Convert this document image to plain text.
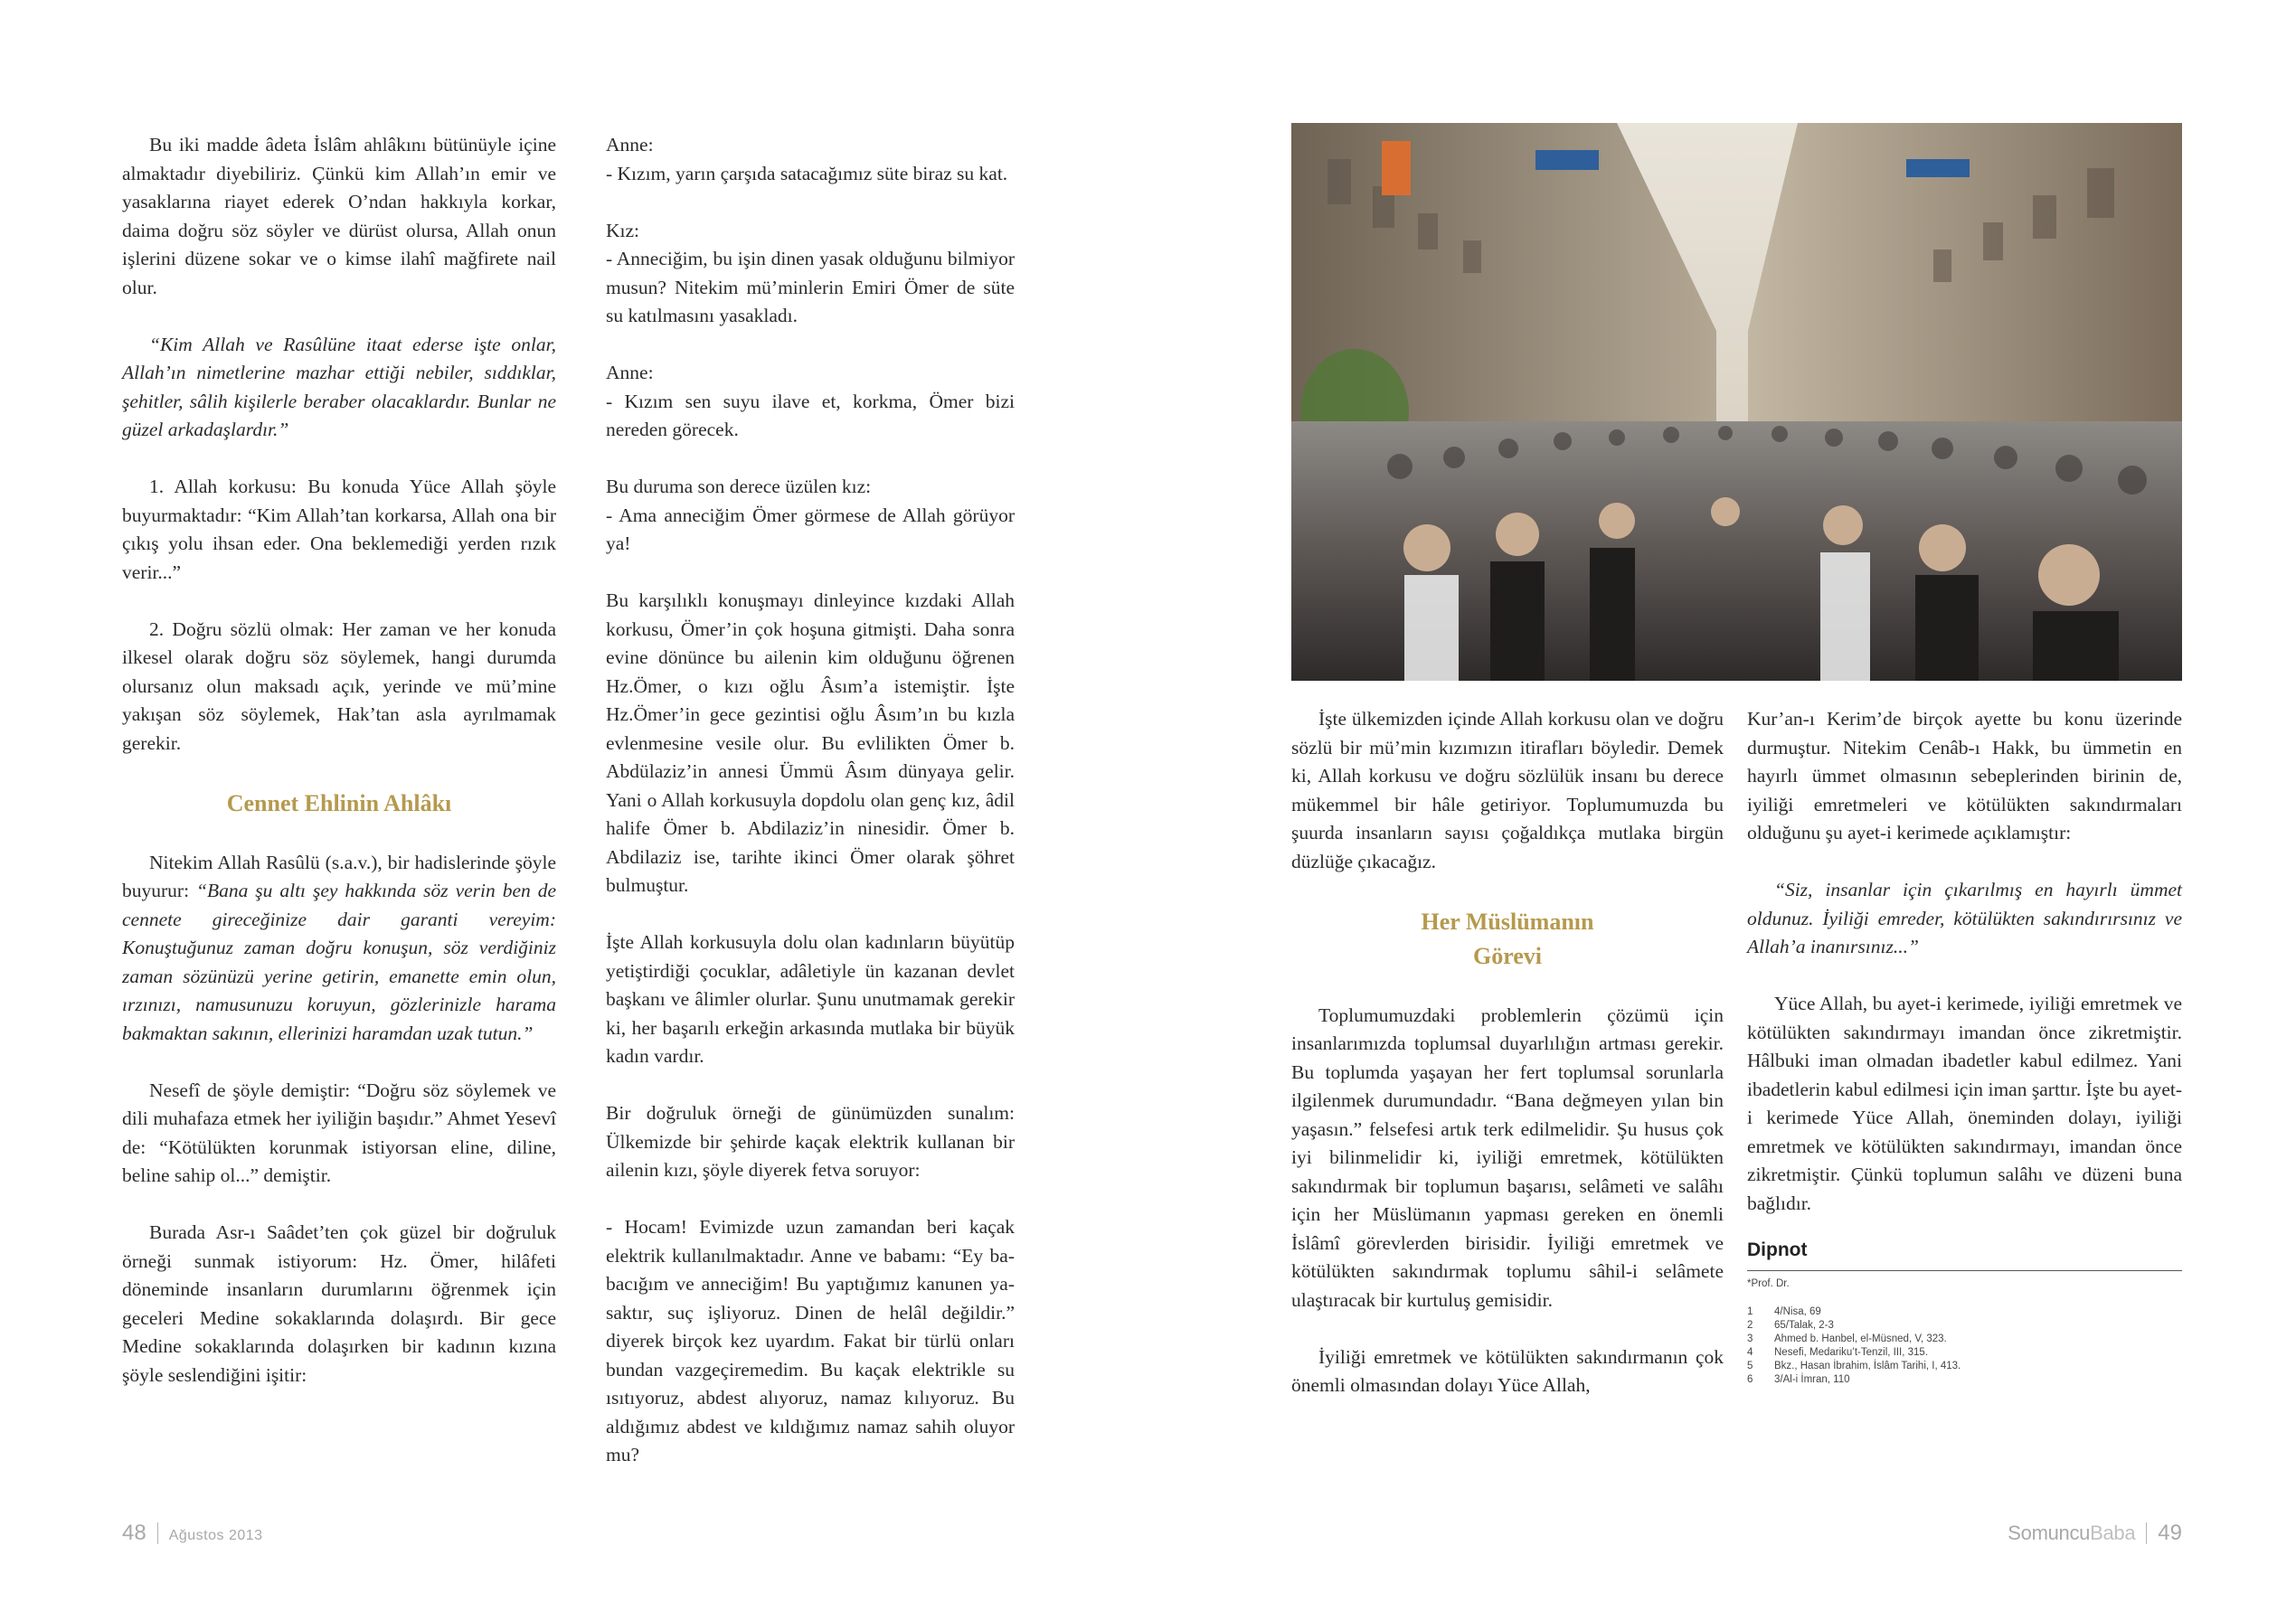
Bu iki madde âdeta İslâm ahlâkını bütünüyle içine almaktadır diyebiliriz. Çünkü kim Allah’ın emir ve yasaklarına riayet ederek O’ndan hakkıyla korkar, daima doğru söz söyler ve dürüst olursa, Allah onun işlerini düzene sokar ve o kimse ilahî mağfirete nail olur.

“Kim Allah ve Rasûlüne itaat ederse işte onlar, Allah’ın nimetlerine mazhar ettiği nebiler, sıddıklar, şehitler, sâlih kişilerle beraber olacaklardır. Bunlar ne güzel arkadaşlardır.”

1. Allah korkusu: Bu konuda Yüce Allah şöyle buyurmaktadır: “Kim Allah’tan korkarsa, Allah ona bir çıkış yolu ihsan eder. Ona beklemediği yerden rızık verir...”

2. Doğru sözlü olmak: Her zaman ve her konuda ilkesel olarak doğru söz söylemek, hangi durumda olursanız olun maksadı açık, yerinde ve mü’mine yakışan söz söylemek, Hak’tan asla ayrılmamak gerekir.

Cennet Ehlinin Ahlâkı

Nitekim Allah Rasûlü (s.a.v.), bir hadislerinde şöyle buyurur: “Bana şu altı şey hakkında söz verin ben de cennete gireceğinize dair garanti vereyim: Konuştuğunuz zaman doğru konuşun, söz verdiğiniz zaman sözünüzü yerine getirin, emanette emin olun, ırzınızı, namusunuzu koruyun, gözlerinizle harama bakmaktan sakının, ellerinizi haramdan uzak tutun.”

Nesefî de şöyle demiştir: “Doğru söz söylemek ve dili muhafaza etmek her iyiliğin başıdır.” Ahmet Yesevî de: “Kötülükten korunmak istiyorsan eline, diline, beline sahip ol...” demiştir.

Burada Asr-ı Saâdet’ten çok güzel bir doğruluk örneği sunmak istiyorum: Hz. Ömer, hilâfeti döneminde insanların durumlarını öğrenmek için geceleri Medine sokaklarında dolaşırdı. Bir gece Medine sokaklarında dolaşırken bir kadının kızına şöyle seslendiğini işitir:

Anne:
- Kızım, yarın çarşıda satacağımız süte biraz su kat.

Kız:
- Anneciğim, bu işin dinen yasak olduğunu bilmiyor musun? Nitekim mü’minlerin Emiri Ömer de süte su katılmasını yasakladı.

Anne:
- Kızım sen suyu ilave et, korkma, Ömer bizi nereden görecek.

Bu duruma son derece üzülen kız:
- Ama anneciğim Ömer görmese de Allah görüyor ya!

Bu karşılıklı konuşmayı dinleyince kızdaki Allah korkusu, Ömer’in çok hoşuna gitmişti. Daha sonra evine dönünce bu ailenin kim olduğunu öğrenen Hz.Ömer, o kızı oğlu Âsım’a istemiştir. İşte Hz.Ömer’in gece gezintisi oğlu Âsım’ın bu kızla evlenmesine vesile olur. Bu evlilikten Ömer b. Abdülaziz’in annesi Ümmü Âsım dünyaya gelir. Yani o Allah korkusuyla dopdolu olan genç kız, âdil halife Ömer b. Abdilaziz’in ninesidir. Ömer b. Abdilaziz ise, tarihte ikinci Ömer olarak şöhret bulmuştur.

İşte Allah korkusuyla dolu olan kadınların büyütüp yetiştirdiği çocuklar, adâletiyle ün kazanan devlet başkanı ve âlimler olurlar. Şunu unutmamak gerekir ki, her başarılı erkeğin arkasında mutlaka bir büyük kadın vardır.

Bir doğruluk örneği de günümüzden sunalım: Ülkemizde bir şehirde kaçak elektrik kullanan bir ailenin kızı, şöyle diyerek fetva soruyor:

- Hocam! Evimizde uzun zamandan beri kaçak elektrik kullanılmaktadır. Anne ve babamı: “Ey babacığım ve anneciğim! Bu yaptığımız kanunen yasaktır, suç işliyoruz. Dinen de helâl değildir.” diyerek birçok kez uyardım. Fakat bir türlü onları bundan vazgeçiremedim. Bu kaçak elektrikle su ısıtıyoruz, abdest alıyoruz, namaz kılıyoruz. Bu aldığımız abdest ve kıldığımız namaz sahih oluyor mu?

İşte ülkemizden içinde Allah korkusu olan ve doğru sözlü bir mü’min kızımızın itirafları böyledir. Demek ki, Allah korkusu ve doğru sözlülük insanı bu derece mükemmel bir hâle getiriyor. Toplumumuzda bu şuurda insanların sayısı çoğaldıkça mutlaka birgün düzlüğe çıkacağız.

Her Müslümanın
Görevi

Toplumumuzdaki problemlerin çözümü için insanlarımızda toplumsal duyarlılığın artması gerekir. Bu toplumda yaşayan her fert toplumsal sorunlarla ilgilenmek durumundadır. “Bana değmeyen yılan bin yaşasın.” felsefesi artık terk edilmelidir. Şu husus çok iyi bilinmelidir ki, iyiliği emretmek, kötülükten sakındırmak bir toplumun başarısı, selâmeti ve salâhı için her Müslümanın yapması gereken en önemli İslâmî görevlerden birisidir. İyiliği emretmek ve kötülükten sakındırmak toplumu sâhil-i selâmete ulaştıracak bir kurtuluş gemisidir.

İyiliği emretmek ve kötülükten sakındırmanın çok önemli olmasından dolayı Yüce Allah,

Kur’an-ı Kerim’de birçok ayette bu konu üzerinde durmuştur. Nitekim Cenâb-ı Hakk, bu ümmetin en hayırlı ümmet olmasının sebeplerinden birinin de, iyiliği emretmeleri ve kötülükten sakındırmaları olduğunu şu ayet-i kerimede açıklamıştır:

“Siz, insanlar için çıkarılmış en hayırlı ümmet oldunuz. İyiliği emreder, kötülükten sakındırırsınız ve Allah’a inanırsınız...”

Yüce Allah, bu ayet-i kerimede, iyiliği emretmek ve kötülükten sakındırmayı imandan önce zikretmiştir. Hâlbuki iman olmadan ibadetler kabul edilmez. Yani ibadetlerin kabul edilmesi için iman şarttır. İşte bu ayet-i kerimede Yüce Allah, öneminden dolayı, iyiliği emretmek ve kötülükten sakındırmayı, imandan önce zikretmiştir. Çünkü toplumun salâhı ve düzeni buna bağlıdır.

Dipnot
*Prof. Dr.
1	4/Nisa, 69
2	65/Talak, 2-3
3	Ahmed b. Hanbel, el-Müsned, V, 323.
4	Nesefi, Medariku’t-Tenzil, III, 315.
5	Bkz., Hasan İbrahim, İslâm Tarihi, I, 413.
6	3/Al-i İmran, 110
48 Ağustos 2013	SomuncuBaba 49
